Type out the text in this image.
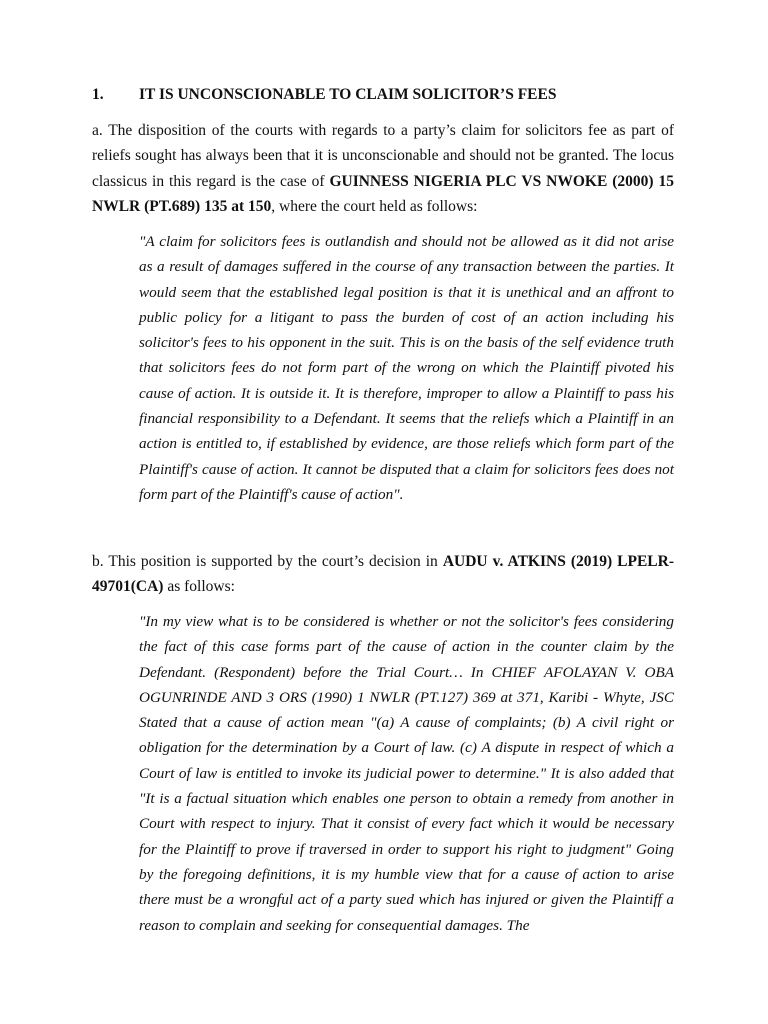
1. IT IS UNCONSCIONABLE TO CLAIM SOLICITOR’S FEES
a. The disposition of the courts with regards to a party’s claim for solicitors fee as part of reliefs sought has always been that it is unconscionable and should not be granted. The locus classicus in this regard is the case of GUINNESS NIGERIA PLC VS NWOKE (2000) 15 NWLR (PT.689) 135 at 150, where the court held as follows:
"A claim for solicitors fees is outlandish and should not be allowed as it did not arise as a result of damages suffered in the course of any transaction between the parties. It would seem that the established legal position is that it is unethical and an affront to public policy for a litigant to pass the burden of cost of an action including his solicitor's fees to his opponent in the suit. This is on the basis of the self evidence truth that solicitors fees do not form part of the wrong on which the Plaintiff pivoted his cause of action. It is outside it. It is therefore, improper to allow a Plaintiff to pass his financial responsibility to a Defendant. It seems that the reliefs which a Plaintiff in an action is entitled to, if established by evidence, are those reliefs which form part of the Plaintiff's cause of action. It cannot be disputed that a claim for solicitors fees does not form part of the Plaintiff's cause of action".
b. This position is supported by the court’s decision in AUDU v. ATKINS (2019) LPELR-49701(CA) as follows:
"In my view what is to be considered is whether or not the solicitor's fees considering the fact of this case forms part of the cause of action in the counter claim by the Defendant. (Respondent) before the Trial Court… In CHIEF AFOLAYAN V. OBA OGUNRINDE AND 3 ORS (1990) 1 NWLR (PT.127) 369 at 371, Karibi - Whyte, JSC Stated that a cause of action mean "(a) A cause of complaints; (b) A civil right or obligation for the determination by a Court of law. (c) A dispute in respect of which a Court of law is entitled to invoke its judicial power to determine." It is also added that "It is a factual situation which enables one person to obtain a remedy from another in Court with respect to injury. That it consist of every fact which it would be necessary for the Plaintiff to prove if traversed in order to support his right to judgment" Going by the foregoing definitions, it is my humble view that for a cause of action to arise there must be a wrongful act of a party sued which has injured or given the Plaintiff a reason to complain and seeking for consequential damages. The
